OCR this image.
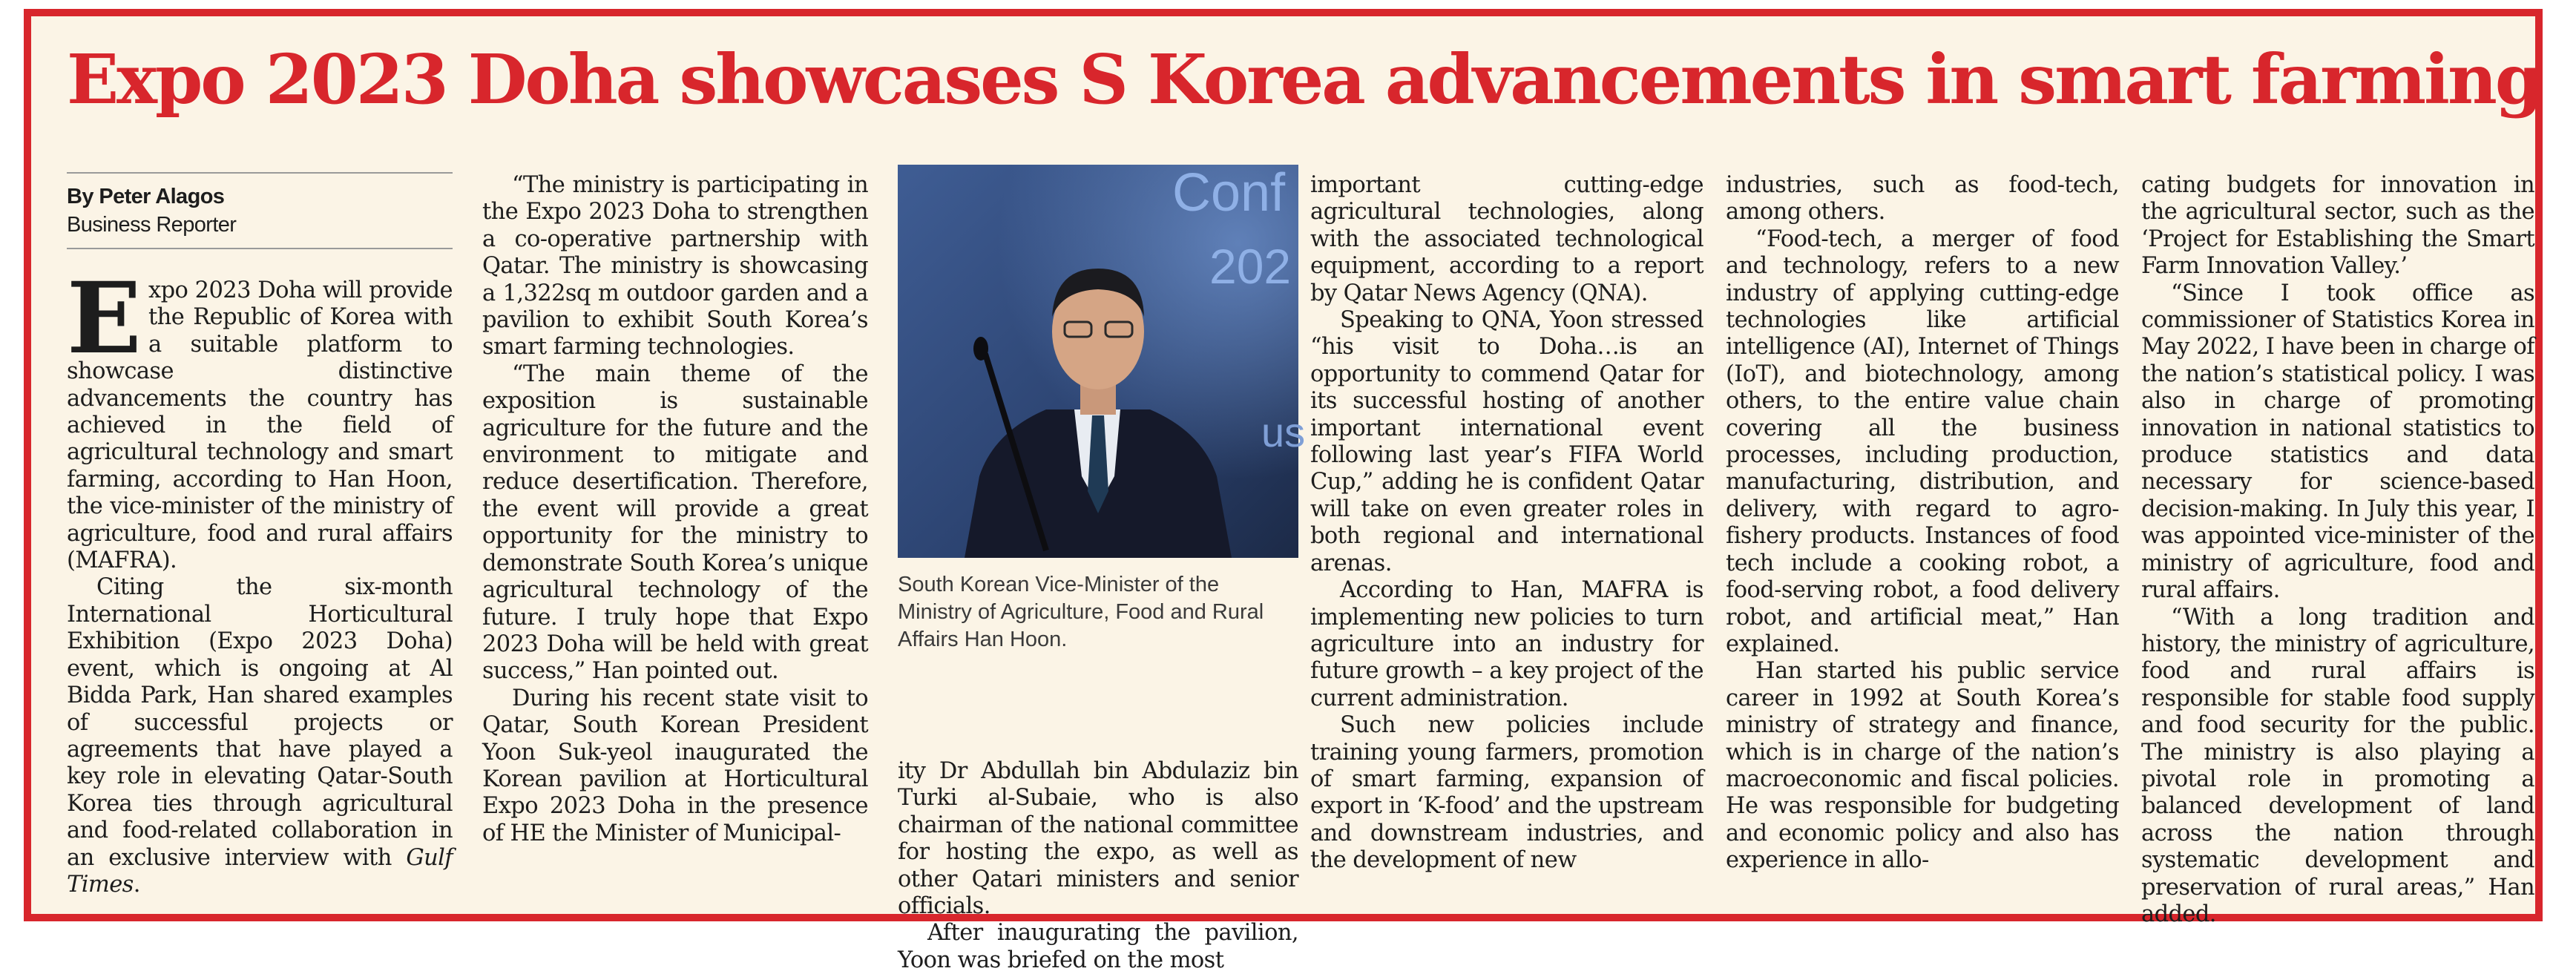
Expo 2023 Doha showcases S Korea advancements in smart farming
By Peter Alagos
Business Reporter

Expo 2023 Doha will provide the Republic of Korea with a suitable platform to showcase distinctive advancements the country has achieved in the field of agricultural technology and smart farming, according to Han Hoon, the vice-minister of the ministry of agriculture, food and rural affairs (MAFRA).

Citing the six-month International Horticultural Exhibition (Expo 2023 Doha) event, which is ongoing at Al Bidda Park, Han shared examples of successful projects or agreements that have played a key role in elevating Qatar-South Korea ties through agricultural and food-related collaboration in an exclusive interview with Gulf Times.

“The ministry is participating in the Expo 2023 Doha to strengthen a co-operative partnership with Qatar. The ministry is showcasing a 1,322sq m outdoor garden and a pavilion to exhibit South Korea’s smart farming technologies.

“The main theme of the exposition is sustainable agriculture for the future and the environment to mitigate and reduce desertification. Therefore, the event will provide a great opportunity for the ministry to demonstrate South Korea’s unique agricultural technology of the future. I truly hope that Expo 2023 Doha will be held with great success,” Han pointed out.

During his recent state visit to Qatar, South Korean President Yoon Suk-yeol inaugurated the Korean pavilion at Horticultural Expo 2023 Doha in the presence of HE the Minister of Municipal-

Conf
202
us
South Korean Vice-Minister of the Ministry of Agriculture, Food and Rural Affairs Han Hoon.

ity Dr Abdullah bin Abdulaziz bin Turki al-Subaie, who is also chairman of the national committee for hosting the expo, as well as other Qatari ministers and senior officials.

After inaugurating the pavilion, Yoon was briefed on the most

important cutting-edge agricultural technologies, along with the associated technological equipment, according to a report by Qatar News Agency (QNA).

Speaking to QNA, Yoon stressed “his visit to Doha…is an opportunity to commend Qatar for its successful hosting of another important international event following last year’s FIFA World Cup,” adding he is confident Qatar will take on even greater roles in both regional and international arenas.

According to Han, MAFRA is implementing new policies to turn agriculture into an industry for future growth – a key project of the current administration.

Such new policies include training young farmers, promotion of smart farming, expansion of export in ‘K-food’ and the upstream and downstream industries, and the development of new

industries, such as food-tech, among others.

“Food-tech, a merger of food and technology, refers to a new industry of applying cutting-edge technologies like artificial intelligence (AI), Internet of Things (IoT), and biotechnology, among others, to the entire value chain covering all the business processes, including production, manufacturing, distribution, and delivery, with regard to agro-fishery products. Instances of food tech include a cooking robot, a food-serving robot, a food delivery robot, and artificial meat,” Han explained.

Han started his public service career in 1992 at South Korea’s ministry of strategy and finance, which is in charge of the nation’s macroeconomic and fiscal policies. He was responsible for budgeting and economic policy and also has experience in allo-

cating budgets for innovation in the agricultural sector, such as the ‘Project for Establishing the Smart Farm Innovation Valley.’

“Since I took office as commissioner of Statistics Korea in May 2022, I have been in charge of the nation’s statistical policy. I was also in charge of promoting innovation in national statistics to produce statistics and data necessary for science-based decision-making. In July this year, I was appointed vice-minister of the ministry of agriculture, food and rural affairs.

“With a long tradition and history, the ministry of agriculture, food and rural affairs is responsible for stable food supply and food security for the public. The ministry is also playing a pivotal role in promoting a balanced development of land across the nation through systematic development and preservation of rural areas,” Han added.
